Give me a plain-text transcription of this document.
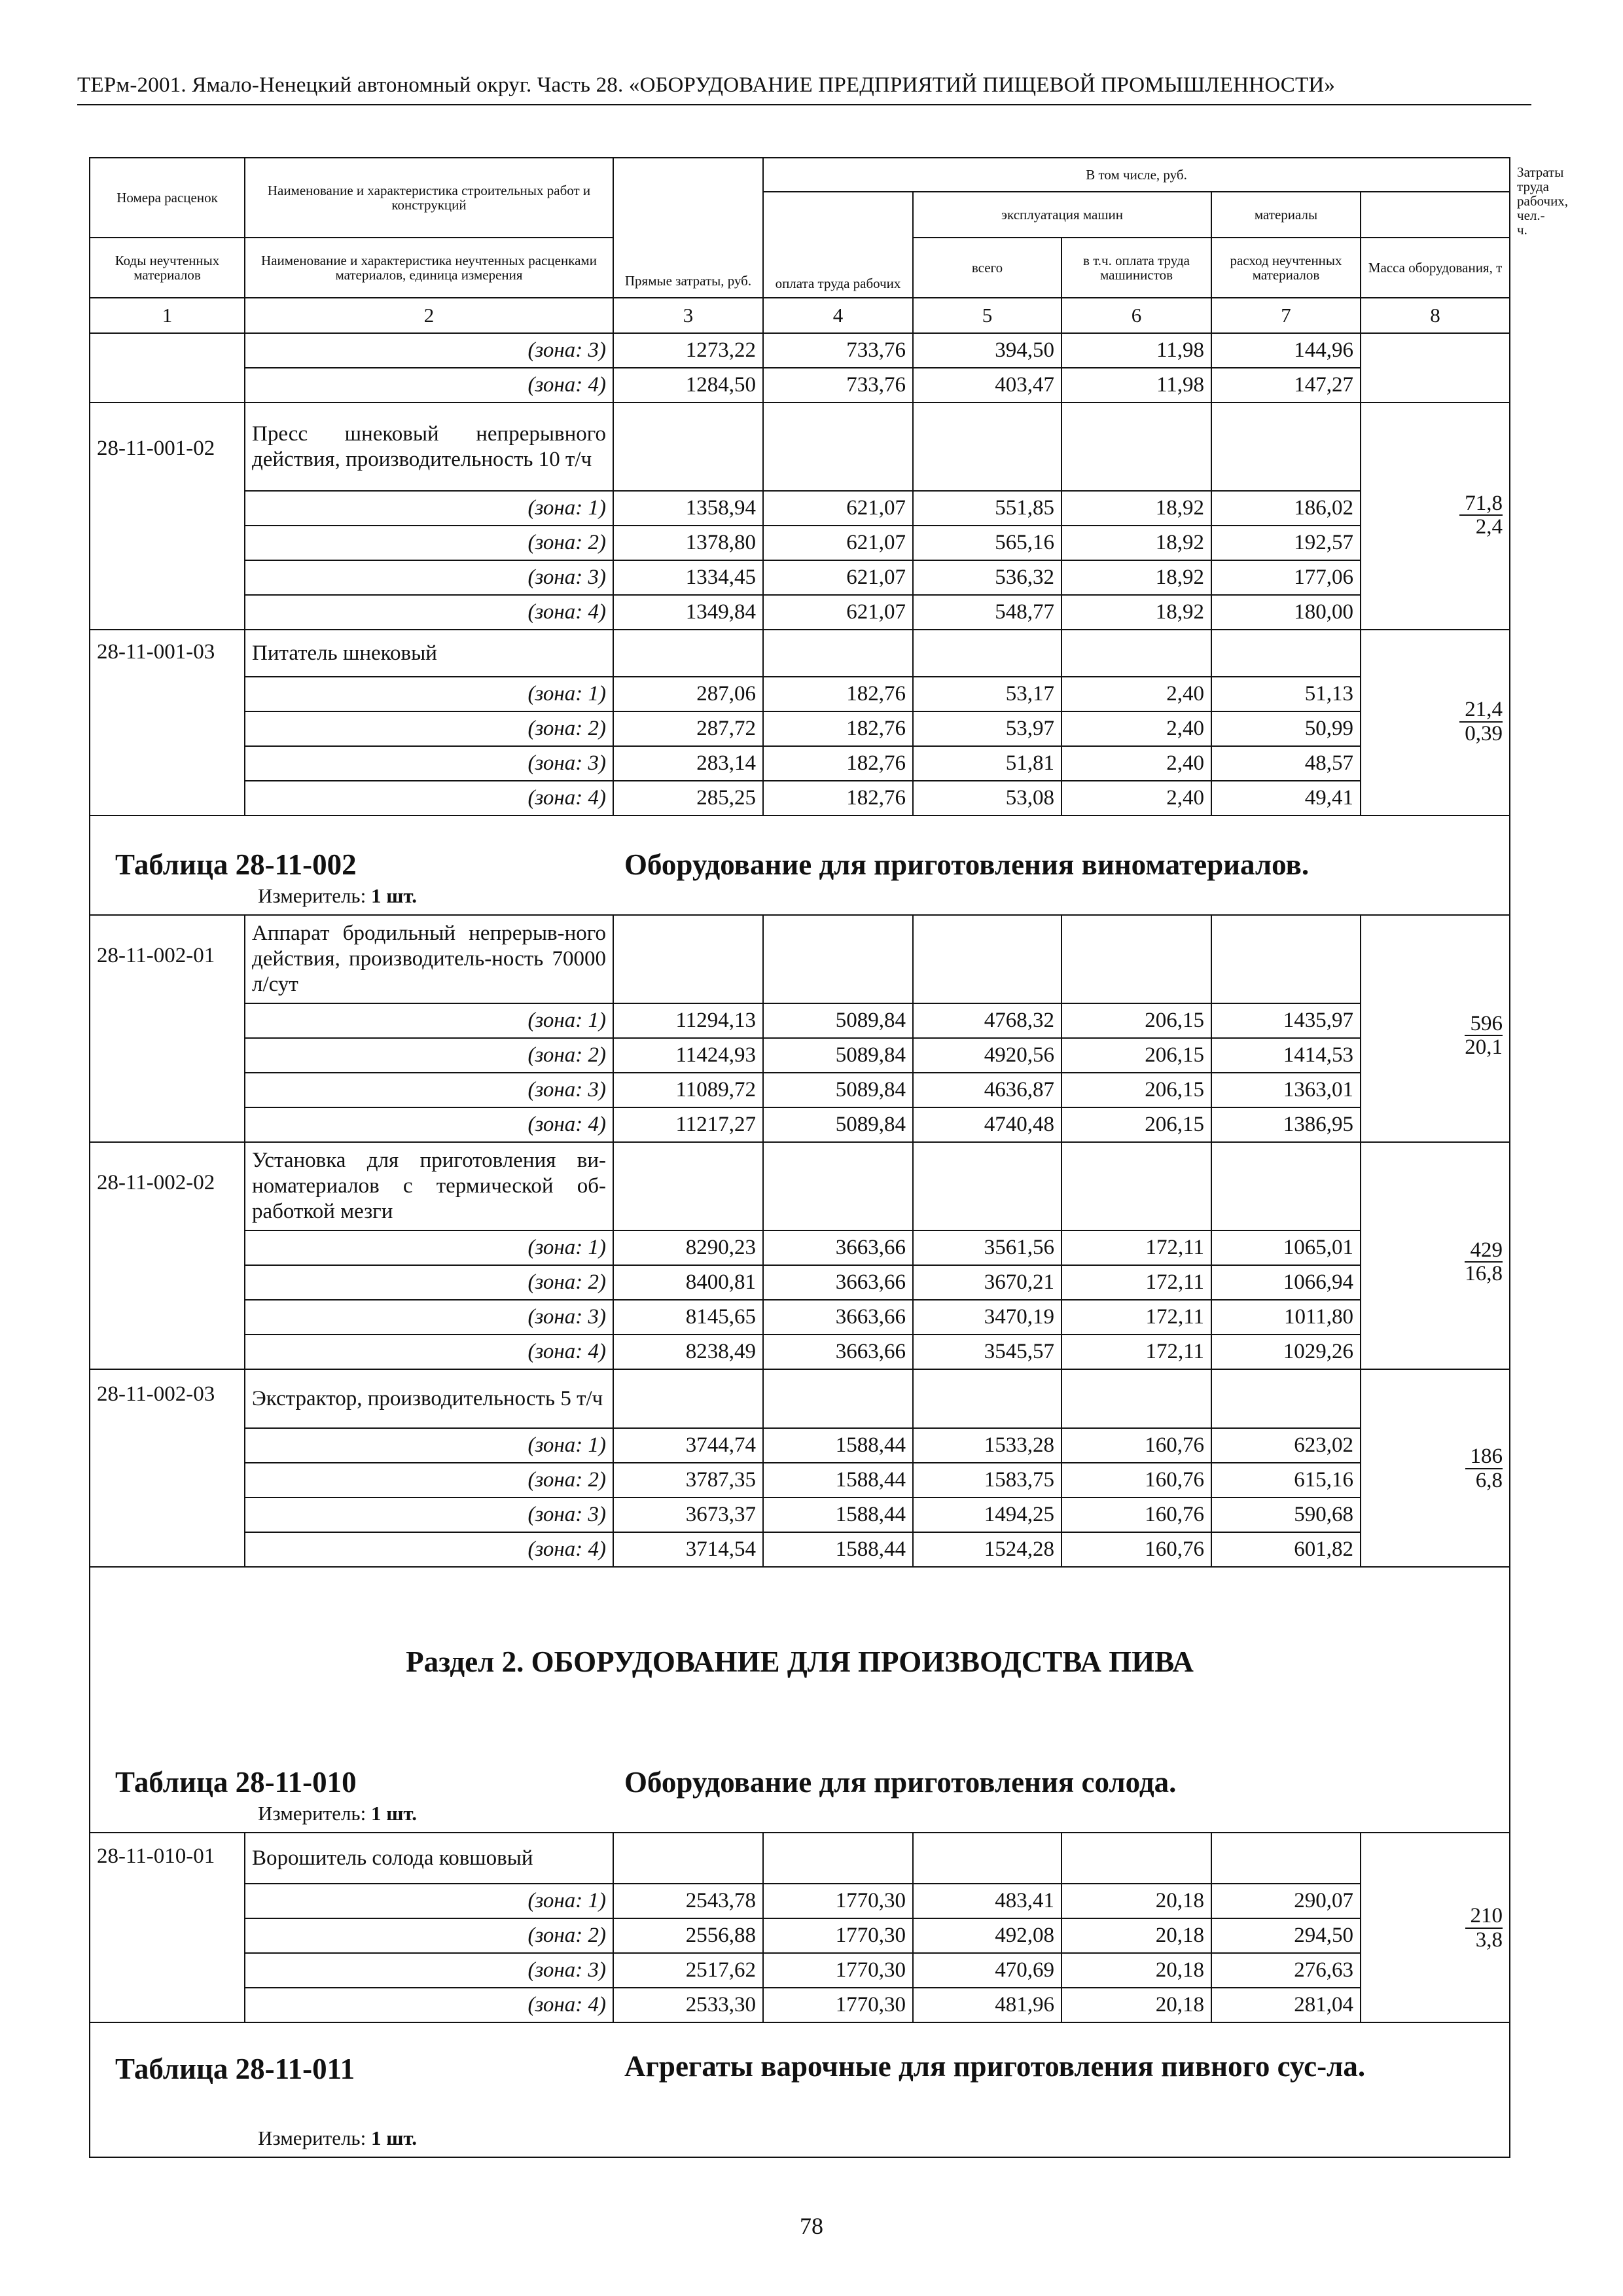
ТЕРм-2001. Ямало-Ненецкий автономный округ. Часть 28. «ОБОРУДОВАНИЕ ПРЕДПРИЯТИЙ ПИЩЕВОЙ ПРОМЫШЛЕННОСТИ»
Номера расценок	Наименование и характеристика строительных работ и конструкций	Прямые затраты, руб.	В том числе, руб.					Затраты труда рабочих, чел.-ч.
			оплата труда рабочих	эксплуатация машин		материалы		
Коды неучтенных материалов	Наименование и характеристика неучтенных расценками материалов, единица измерения			всего	в т.ч. оплата труда машинистов	расход неучтенных материалов	Масса оборудования, т	
1	2	3	4	5	6	7	8	
	(зона: 3)	1273,22	733,76	394,50	11,98	144,96		
	(зона: 4)	1284,50	733,76	403,47	11,98	147,27		
28-11-001-02	Пресс шнековый непрерывного действия, производительность 10 т/ч						$\frac{71,8}{2,4}$

	(зона: 1)	1358,94	621,07	551,85	18,92	186,02		
	(зона: 2)	1378,80	621,07	565,16	18,92	192,57		
	(зона: 3)	1334,45	621,07	536,32	18,92	177,06		
	(зона: 4)	1349,84	621,07	548,77	18,92	180,00		
28-11-001-03	Питатель шнековый						$\frac{21,4}{0,39}$

	(зона: 1)	287,06	182,76	53,17	2,40	51,13		
	(зона: 2)	287,72	182,76	53,97	2,40	50,99		
	(зона: 3)	283,14	182,76	51,81	2,40	48,57		
	(зона: 4)	285,25	182,76	53,08	2,40	49,41		

Таблица 28-11-002 Оборудование для приготовления виноматериалов.
Измеритель: 1 шт.								

28-11-002-01	Аппарат бродильный непрерыв-ного действия, производитель-ность 70000 л/сут						$\frac{596}{20,1}$

	(зона: 1)	11294,13	5089,84	4768,32	206,15	1435,97		
	(зона: 2)	11424,93	5089,84	4920,56	206,15	1414,53		
	(зона: 3)	11089,72	5089,84	4636,87	206,15	1363,01		
	(зона: 4)	11217,27	5089,84	4740,48	206,15	1386,95		
28-11-002-02	Установка для приготовления ви-номатериалов с термической об-работкой мезги						$\frac{429}{16,8}$

	(зона: 1)	8290,23	3663,66	3561,56	172,11	1065,01		
	(зона: 2)	8400,81	3663,66	3670,21	172,11	1066,94		
	(зона: 3)	8145,65	3663,66	3470,19	172,11	1011,80		
	(зона: 4)	8238,49	3663,66	3545,57	172,11	1029,26		
28-11-002-03	Экстрактор, производительность 5 т/ч						$\frac{186}{6,8}$

	(зона: 1)	3744,74	1588,44	1533,28	160,76	623,02		
	(зона: 2)	3787,35	1588,44	1583,75	160,76	615,16		
	(зона: 3)	3673,37	1588,44	1494,25	160,76	590,68		
	(зона: 4)	3714,54	1588,44	1524,28	160,76	601,82		

Раздел 2. ОБОРУДОВАНИЕ ДЛЯ ПРОИЗВОДСТВА ПИВА
Таблица 28-11-010 Оборудование для приготовления солода.
Измеритель: 1 шт.								

28-11-010-01	Ворошитель солода ковшовый						$\frac{210}{3,8}$

	(зона: 1)	2543,78	1770,30	483,41	20,18	290,07		
	(зона: 2)	2556,88	1770,30	492,08	20,18	294,50		
	(зона: 3)	2517,62	1770,30	470,69	20,18	276,63		
	(зона: 4)	2533,30	1770,30	481,96	20,18	281,04		

Таблица 28-11-011 Агрегаты варочные для приготовления пивного сус-ла.
Измеритель: 1 шт.								
78
